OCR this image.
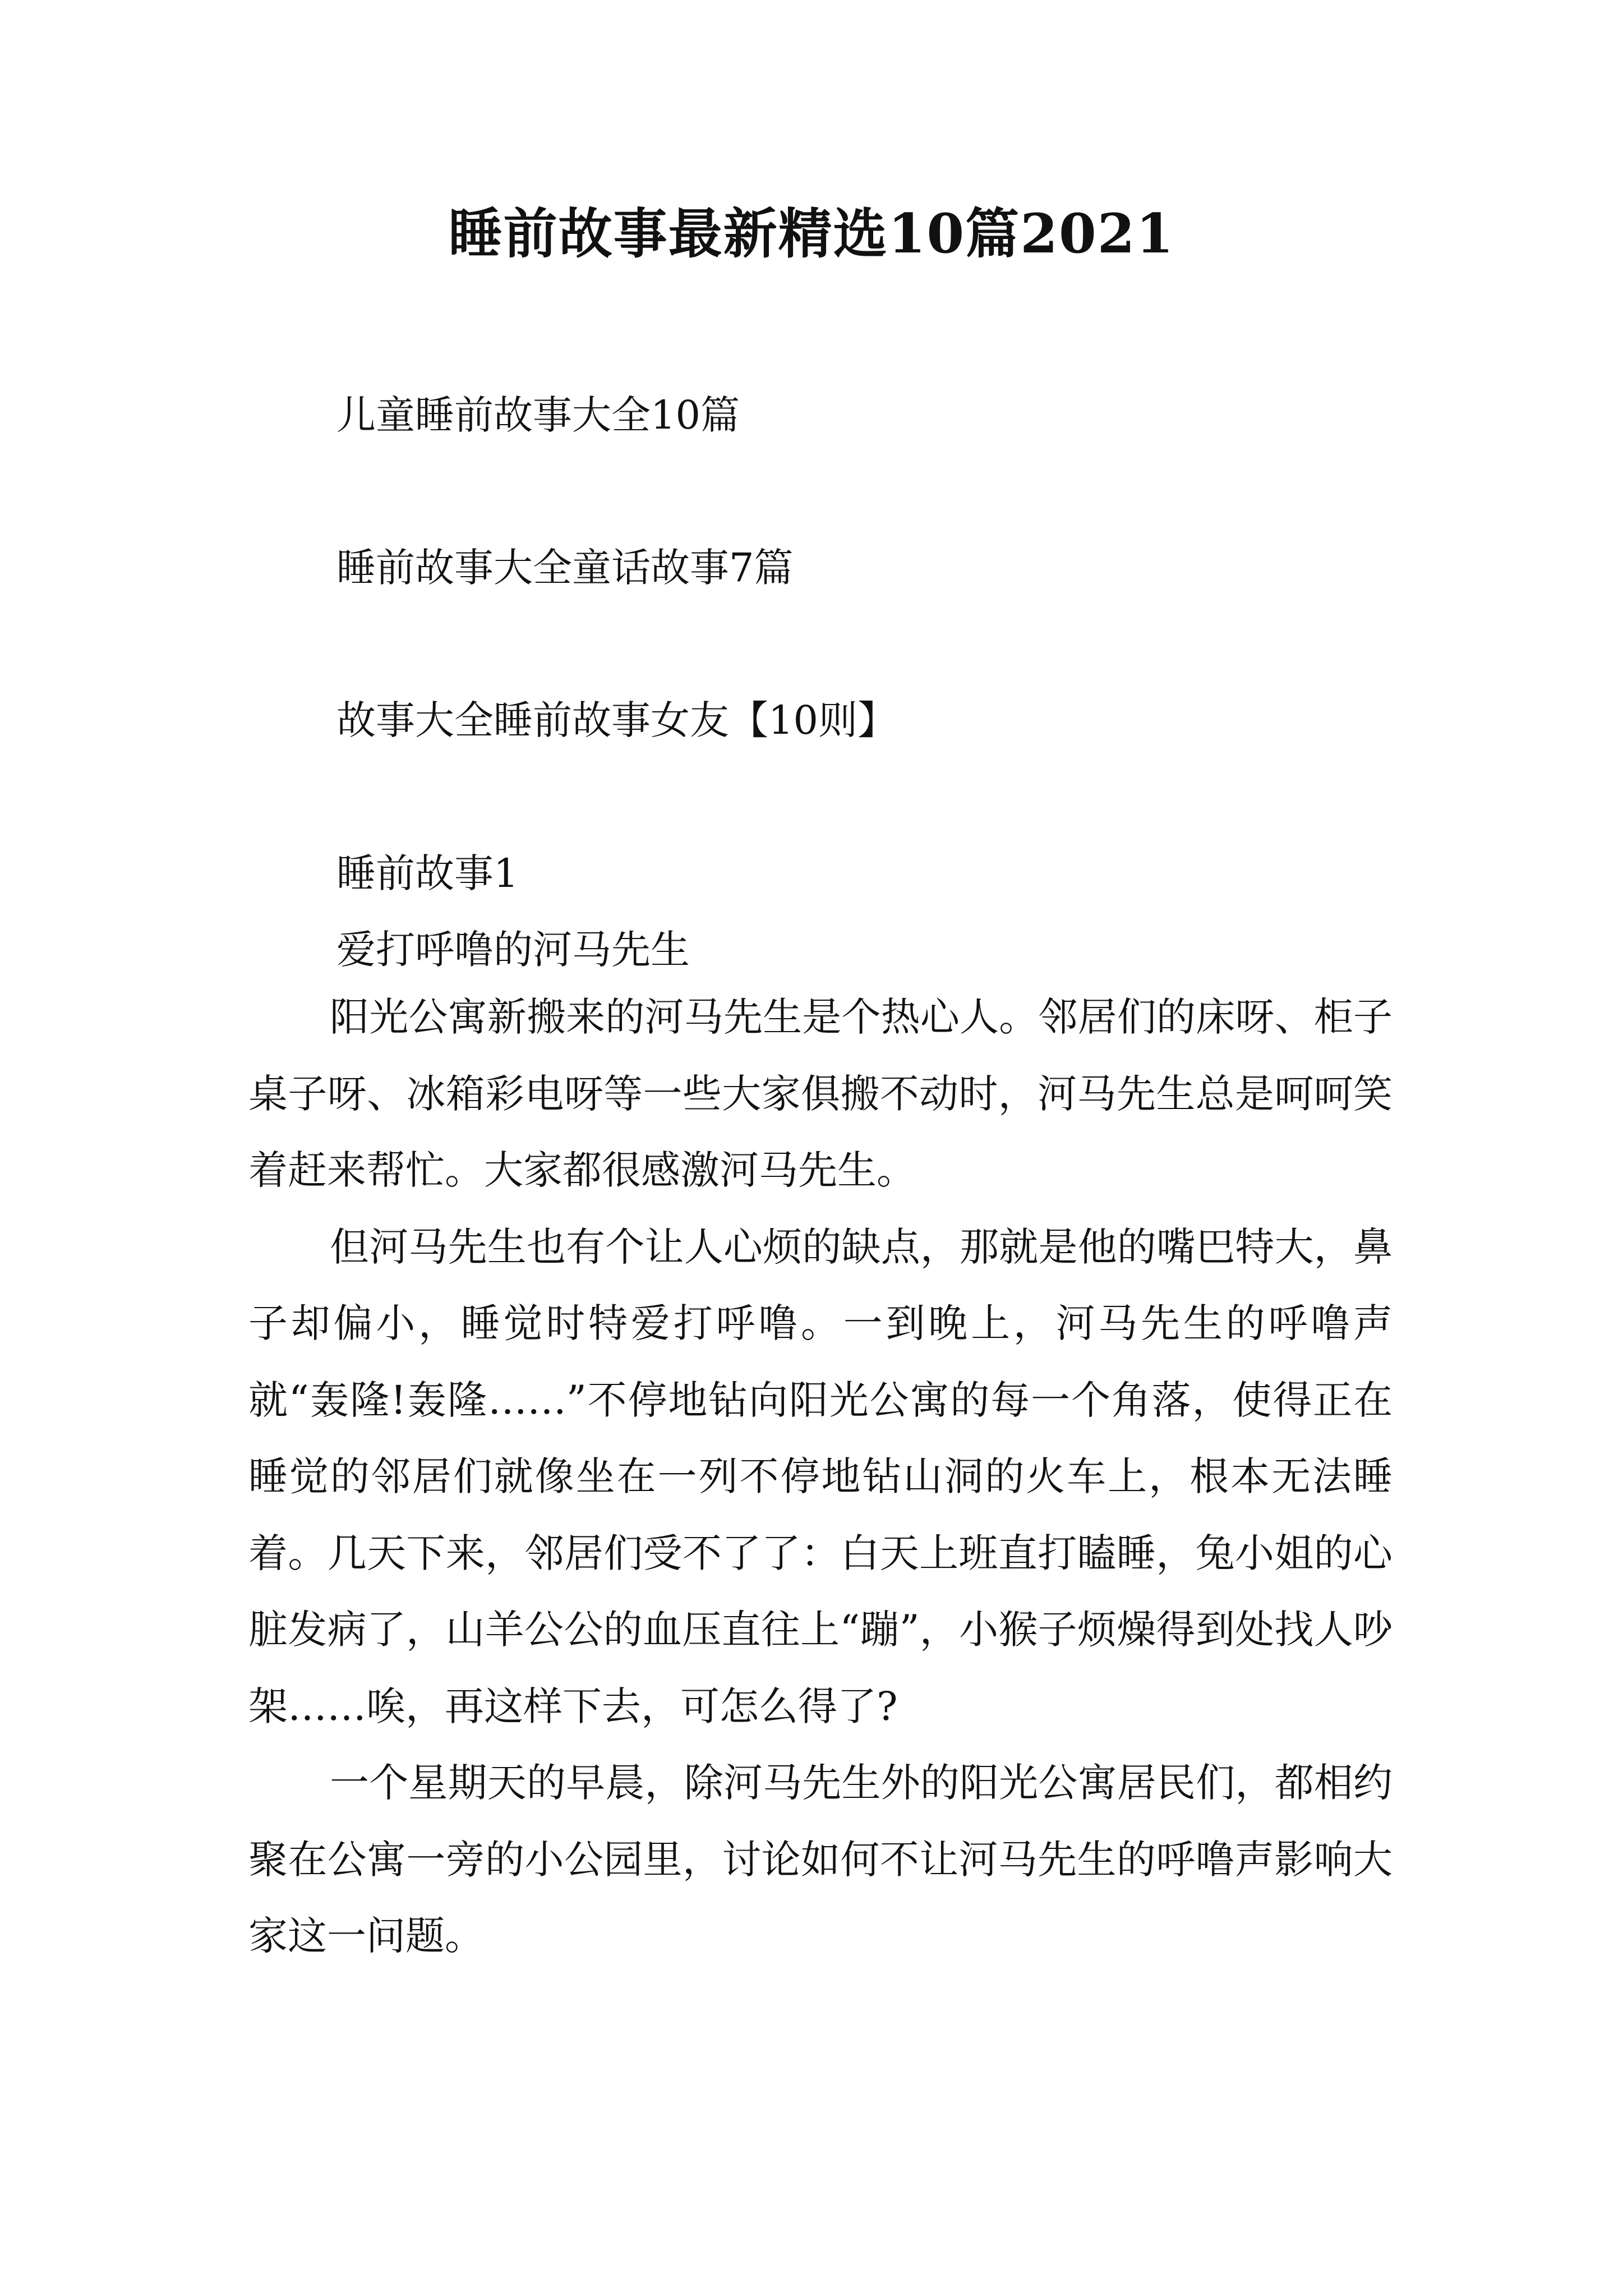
睡前故事最新精选10篇2021
儿童睡前故事大全10篇
睡前故事大全童话故事7篇
故事大全睡前故事女友【10则】
睡前故事1
爱打呼噜的河马先生

阳光公寓新搬来的河马先生是个热心人。邻居们的床呀、柜子桌子呀、冰箱彩电呀等一些大家俱搬不动时，河马先生总是呵呵笑着赶来帮忙。大家都很感激河马先生。

但河马先生也有个让人心烦的缺点，那就是他的嘴巴特大，鼻子却偏小，睡觉时特爱打呼噜。一到晚上，河马先生的呼噜声就“轰隆!轰隆……”不停地钻向阳光公寓的每一个角落，使得正在睡觉的邻居们就像坐在一列不停地钻山洞的火车上，根本无法睡着。几天下来，邻居们受不了了：白天上班直打瞌睡，兔小姐的心脏发病了，山羊公公的血压直往上“蹦”，小猴子烦燥得到处找人吵架……唉，再这样下去，可怎么得了?

一个星期天的早晨，除河马先生外的阳光公寓居民们，都相约聚在公寓一旁的小公园里，讨论如何不让河马先生的呼噜声影响大家这一问题。
